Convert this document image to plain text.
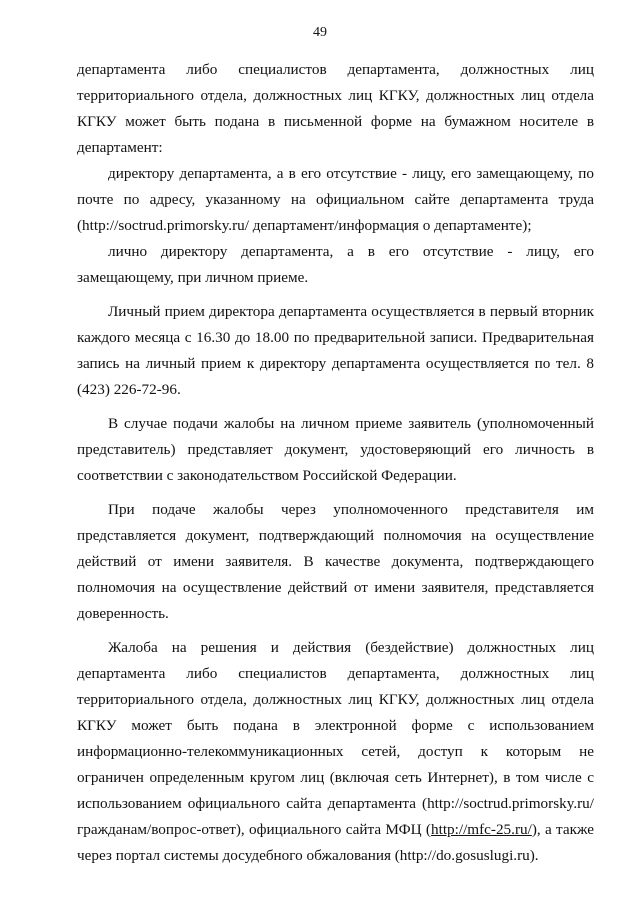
49

департамента либо специалистов департамента, должностных лиц территориального отдела, должностных лиц КГКУ, должностных лиц отдела КГКУ может быть подана в письменной форме на бумажном носителе в департамент:

директору департамента, а в его отсутствие - лицу, его замещающему, по почте по адресу, указанному на официальном сайте департамента труда (http://soctrud.primorsky.ru/ департамент/информация о департаменте);

лично директору департамента, а в его отсутствие - лицу, его замещающему, при личном приеме.

Личный прием директора департамента осуществляется в первый вторник каждого месяца с 16.30 до 18.00 по предварительной записи. Предварительная запись на личный прием к директору департамента осуществляется по тел. 8 (423) 226-72-96.

В случае подачи жалобы на личном приеме заявитель (уполномоченный представитель) представляет документ, удостоверяющий его личность в соответствии с законодательством Российской Федерации.

При подаче жалобы через уполномоченного представителя им представляется документ, подтверждающий полномочия на осуществление действий от имени заявителя. В качестве документа, подтверждающего полномочия на осуществление действий от имени заявителя, представляется доверенность.

Жалоба на решения и действия (бездействие) должностных лиц департамента либо специалистов департамента, должностных лиц территориального отдела, должностных лиц КГКУ, должностных лиц отдела КГКУ может быть подана в электронной форме с использованием информационно-телекоммуникационных сетей, доступ к которым не ограничен определенным кругом лиц (включая сеть Интернет), в том числе с использованием официального сайта департамента (http://soctrud.primorsky.ru/ гражданам/вопрос-ответ), официального сайта МФЦ (http://mfc-25.ru/), а также через портал системы досудебного обжалования (http://do.gosuslugi.ru).
